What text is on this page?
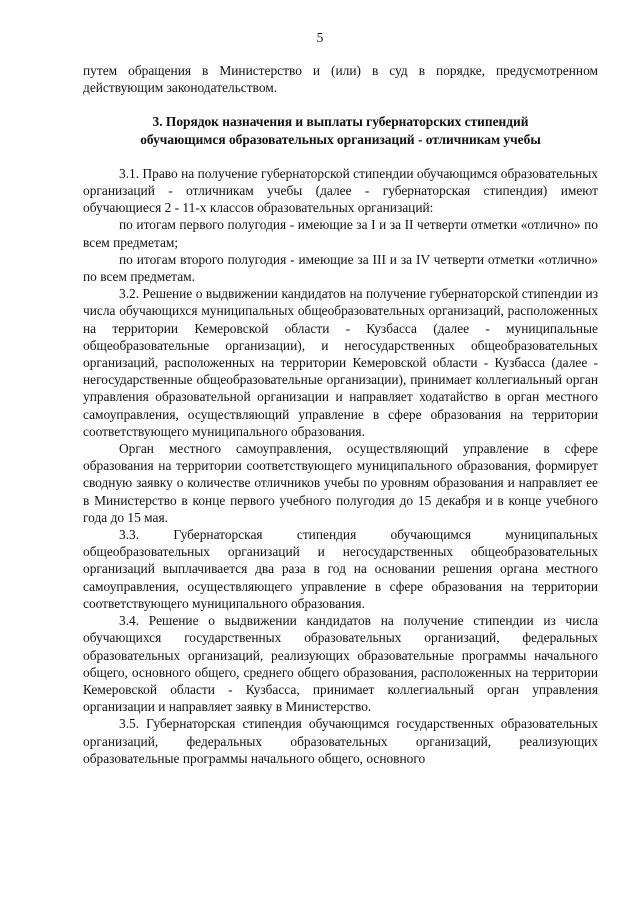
5

путем обращения в Министерство и (или) в суд в порядке, предусмотренном действующим законодательством.

3. Порядок назначения и выплаты губернаторских стипендий
обучающимся образовательных организаций - отличникам учебы

3.1. Право на получение губернаторской стипендии обучающимся образовательных организаций - отличникам учебы (далее - губернаторская стипендия) имеют обучающиеся 2 - 11-х классов образовательных организаций:

по итогам первого полугодия - имеющие за I и за II четверти отметки «отлично» по всем предметам;

по итогам второго полугодия - имеющие за III и за IV четверти отметки «отлично» по всем предметам.

3.2. Решение о выдвижении кандидатов на получение губернаторской стипендии из числа обучающихся муниципальных общеобразовательных организаций, расположенных на территории Кемеровской области - Кузбасса (далее - муниципальные общеобразовательные организации), и негосударственных общеобразовательных организаций, расположенных на территории Кемеровской области - Кузбасса (далее - негосударственные общеобразовательные организации), принимает коллегиальный орган управления образовательной организации и направляет ходатайство в орган местного самоуправления, осуществляющий управление в сфере образования на территории соответствующего муниципального образования.

Орган местного самоуправления, осуществляющий управление в сфере образования на территории соответствующего муниципального образования, формирует сводную заявку о количестве отличников учебы по уровням образования и направляет ее в Министерство в конце первого учебного полугодия до 15 декабря и в конце учебного года до 15 мая.

3.3. Губернаторская стипендия обучающимся муниципальных общеобразовательных организаций и негосударственных общеобразовательных организаций выплачивается два раза в год на основании решения органа местного самоуправления, осуществляющего управление в сфере образования на территории соответствующего муниципального образования.

3.4. Решение о выдвижении кандидатов на получение стипендии из числа обучающихся государственных образовательных организаций, федеральных образовательных организаций, реализующих образовательные программы начального общего, основного общего, среднего общего образования, расположенных на территории Кемеровской области - Кузбасса, принимает коллегиальный орган управления организации и направляет заявку в Министерство.

3.5. Губернаторская стипендия обучающимся государственных образовательных организаций, федеральных образовательных организаций, реализующих образовательные программы начального общего, основного
